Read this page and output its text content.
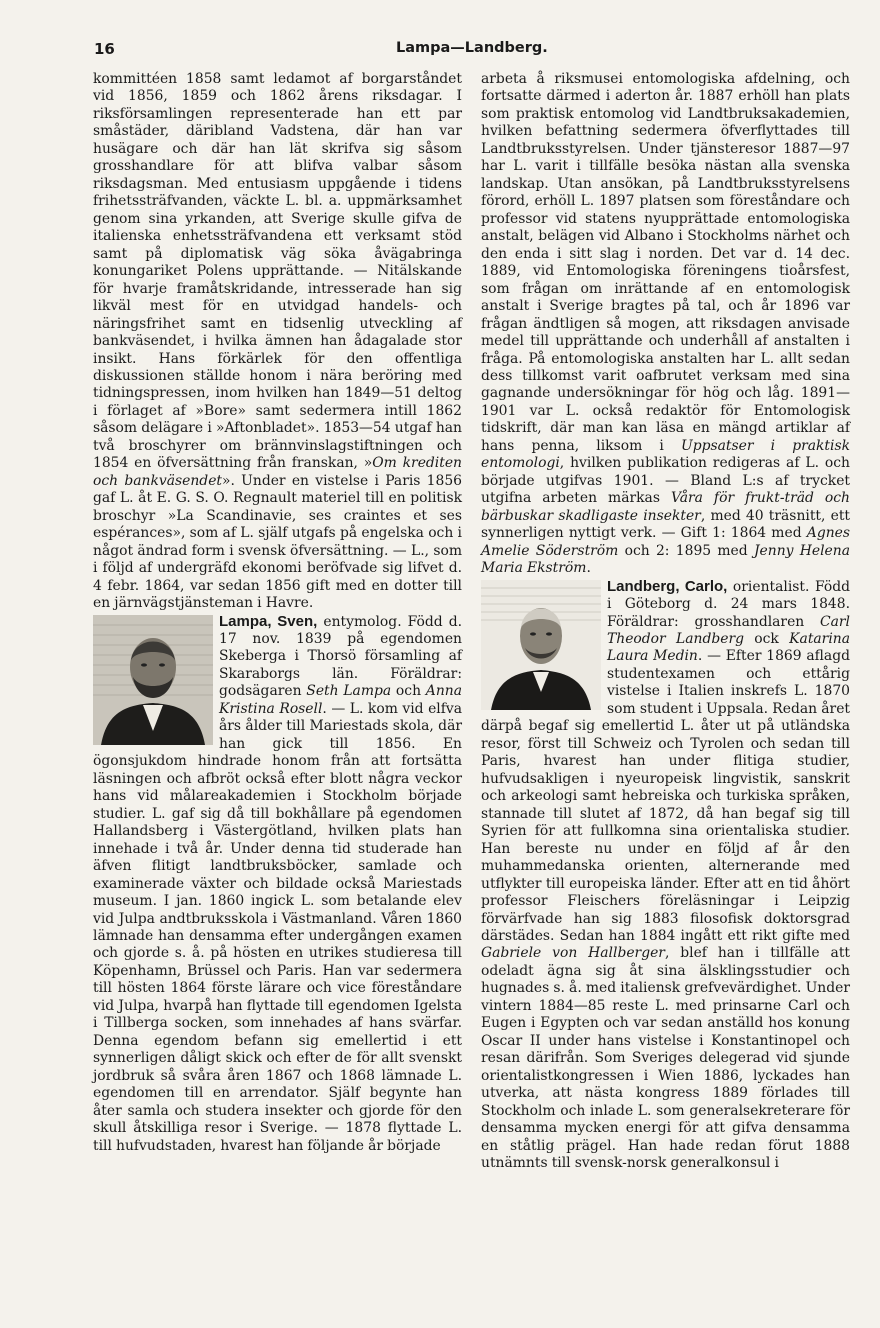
16	Lampa—Landberg.

kommittéen 1858 samt ledamot af borgarståndet vid 1856, 1859 och 1862 årens riksdagar. I riksförsamlingen representerade han ett par småstäder, däribland Vadstena, där han var husägare och där han lät skrifva sig såsom grosshandlare för att blifva valbar såsom riksdagsman. Med entusiasm uppgående i tidens frihetssträfvanden, väckte L. bl. a. uppmärksamhet genom sina yrkanden, att Sverige skulle gifva de italienska enhetssträfvandena ett verksamt stöd samt på diplomatisk väg söka åvägabringa konungariket Polens upprättande. — Nitälskande för hvarje framåtskridande, intresserade han sig likväl mest för en utvidgad handels- och näringsfrihet samt en tidsenlig utveckling af bankväsendet, i hvilka ämnen han ådagalade stor insikt. Hans förkärlek för den offentliga diskussionen ställde honom i nära beröring med tidningspressen, inom hvilken han 1849—51 deltog i förlaget af »Bore» samt sedermera intill 1862 såsom delägare i »Aftonbladet». 1853—54 utgaf han två broschyrer om brännvinslagstiftningen och 1854 en öfversättning från franskan, »Om krediten och bankväsendet». Under en vistelse i Paris 1856 gaf L. åt E. G. S. O. Regnault materiel till en politisk broschyr »La Scandinavie, ses craintes et ses espérances», som af L. själf utgafs på engelska och i något ändrad form i svensk öfversättning. — L., som i följd af undergräfd ekonomi beröfvade sig lifvet d. 4 febr. 1864, var sedan 1856 gift med en dotter till en järnvägstjänsteman i Havre.

Lampa, Sven,
entymolog. Född d. 17 nov. 1839 på egendomen Skeberga i Thorsö församling af Skaraborgs län. Föräldrar: godsägaren Seth Lampa och Anna Kristina Rosell. — L. kom vid elfva års ålder till Mariestads skola, där han gick till 1856. En ögonsjukdom hindrade honom från att fortsätta läsningen och afbröt också efter blott några veckor hans vid målareakademien i Stockholm började studier. L. gaf sig då till bokhållare på egendomen Hallandsberg i Västergötland, hvilken plats han innehade i två år. Under denna tid studerade han äfven flitigt landtbruksböcker, samlade och examinerade växter och bildade också Mariestads museum. I jan. 1860 ingick L. som betalande elev vid Julpa andtbruksskola i Västmanland. Våren 1860 lämnade han densamma efter undergången examen och gjorde s. å. på hösten en utrikes studieresa till Köpenhamn, Brüssel och Paris. Han var sedermera till hösten 1864 förste lärare och vice föreståndare vid Julpa, hvarpå han flyttade till egendomen Igelsta i Tillberga socken, som innehades af hans svärfar. Denna egendom befann sig emellertid i ett synnerligen dåligt skick och efter de för allt svenskt jordbruk så svåra åren 1867 och 1868 lämnade L. egendomen till en arrendator. Själf begynte han åter samla och studera insekter och gjorde för den skull åtskilliga resor i Sverige. — 1878 flyttade L. till hufvudstaden, hvarest han följande år började

arbeta å riksmusei entomologiska afdelning, och fortsatte därmed i aderton år. 1887 erhöll han plats som praktisk entomolog vid Landtbruksakademien, hvilken befattning sedermera öfverflyttades till Landtbruksstyrelsen. Under tjänsteresor 1887—97 har L. varit i tillfälle besöka nästan alla svenska landskap. Utan ansökan, på Landtbruksstyrelsens förord, erhöll L. 1897 platsen som föreståndare och professor vid statens nyupprättade entomologiska anstalt, belägen vid Albano i Stockholms närhet och den enda i sitt slag i norden. Det var d. 14 dec. 1889, vid Entomologiska föreningens tioårsfest, som frågan om inrättande af en entomologisk anstalt i Sverige bragtes på tal, och år 1896 var frågan ändtligen så mogen, att riksdagen anvisade medel till upprättande och underhåll af anstalten i fråga. På entomologiska anstalten har L. allt sedan dess tillkomst varit oafbrutet verksam med sina gagnande undersökningar för hög och låg. 1891—1901 var L. också redaktör för Entomologisk tidskrift, där man kan läsa en mängd artiklar af hans penna, liksom i Uppsatser i praktisk entomologi, hvilken publikation redigeras af L. och började utgifvas 1901. — Bland L:s af trycket utgifna arbeten märkas Våra för frukt-träd och bärbuskar skadligaste insekter, med 40 träsnitt, ett synnerligen nyttigt verk. — Gift 1: 1864 med Agnes Amelie Söderström och 2: 1895 med Jenny Helena Maria Ekström.

Landberg, Carlo,
orientalist. Född i Göteborg d. 24 mars 1848. Föräldrar: grosshandlaren Carl Theodor Landberg ock Katarina Laura Medin. — Efter 1869 aflagd studentexamen och ettårig vistelse i Italien inskrefs L. 1870 som student i Uppsala. Redan året därpå begaf sig emellertid L. åter ut på utländska resor, först till Schweiz och Tyrolen och sedan till Paris, hvarest han under flitiga studier, hufvudsakligen i nyeuropeisk lingvistik, sanskrit och arkeologi samt hebreiska och turkiska språken, stannade till slutet af 1872, då han begaf sig till Syrien för att fullkomna sina orientaliska studier. Han bereste nu under en följd af år den muhammedanska orienten, alternerande med utflykter till europeiska länder. Efter att en tid åhört professor Fleischers föreläsningar i Leipzig förvärfvade han sig 1883 filosofisk doktorsgrad därstädes. Sedan han 1884 ingått ett rikt gifte med Gabriele von Hallberger, blef han i tillfälle att odeladt ägna sig åt sina älsklingsstudier och hugnades s. å. med italiensk grefvevärdighet. Under vintern 1884—85 reste L. med prinsarne Carl och Eugen i Egypten och var sedan anställd hos konung Oscar II under hans vistelse i Konstantinopel och resan därifrån. Som Sveriges delegerad vid sjunde orientalistkongressen i Wien 1886, lyckades han utverka, att nästa kongress 1889 förlades till Stockholm och inlade L. som generalsekreterare för densamma mycken energi för att gifva densamma en ståtlig prägel. Han hade redan förut 1888 utnämnts till svensk-norsk generalkonsul i
